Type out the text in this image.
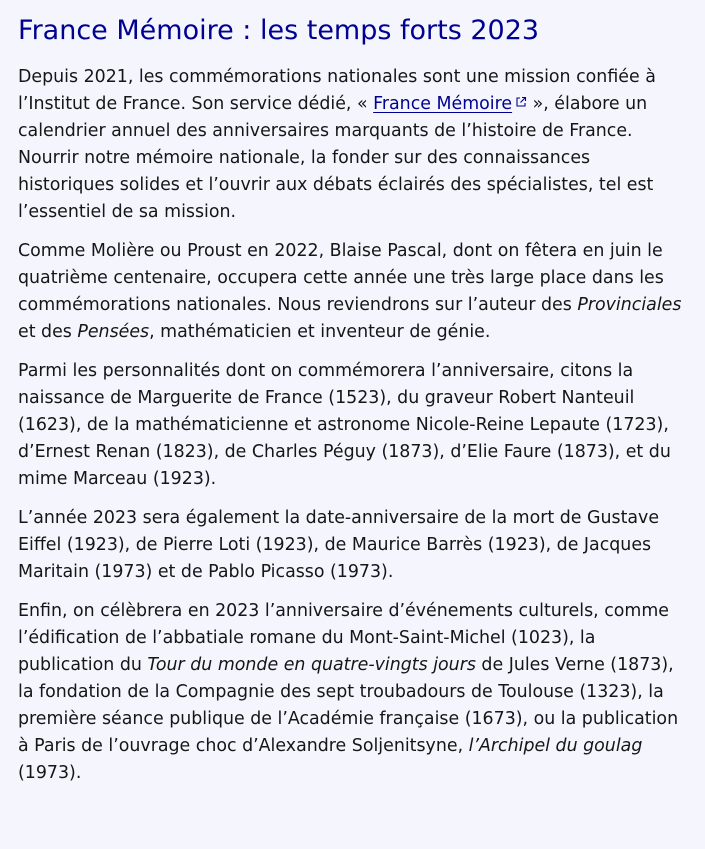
France Mémoire : les temps forts 2023

Depuis 2021, les commémorations nationales sont une mission confiée à l’Institut de France. Son service dédié, « France Mémoire », élabore un calendrier annuel des anniversaires marquants de l’histoire de France. Nourrir notre mémoire nationale, la fonder sur des connaissances historiques solides et l’ouvrir aux débats éclairés des spécialistes, tel est l’essentiel de sa mission.

Comme Molière ou Proust en 2022, Blaise Pascal, dont on fêtera en juin le quatrième centenaire, occupera cette année une très large place dans les commémorations nationales. Nous reviendrons sur l’auteur des Provinciales et des Pensées, mathématicien et inventeur de génie.

Parmi les personnalités dont on commémorera l’anniversaire, citons la naissance de Marguerite de France (1523), du graveur Robert Nanteuil (1623), de la mathématicienne et astronome Nicole-Reine Lepaute (1723), d’Ernest Renan (1823), de Charles Péguy (1873), d’Elie Faure (1873), et du mime Marceau (1923).

L’année 2023 sera également la date-anniversaire de la mort de Gustave Eiffel (1923), de Pierre Loti (1923), de Maurice Barrès (1923), de Jacques Maritain (1973) et de Pablo Picasso (1973).

Enfin, on célèbrera en 2023 l’anniversaire d’événements culturels, comme l’édification de l’abbatiale romane du Mont-Saint-Michel (1023), la publication du Tour du monde en quatre-vingts jours de Jules Verne (1873), la fondation de la Compagnie des sept troubadours de Toulouse (1323), la première séance publique de l’Académie française (1673), ou la publication à Paris de l’ouvrage choc d’Alexandre Soljenitsyne, l’Archipel du goulag (1973).
